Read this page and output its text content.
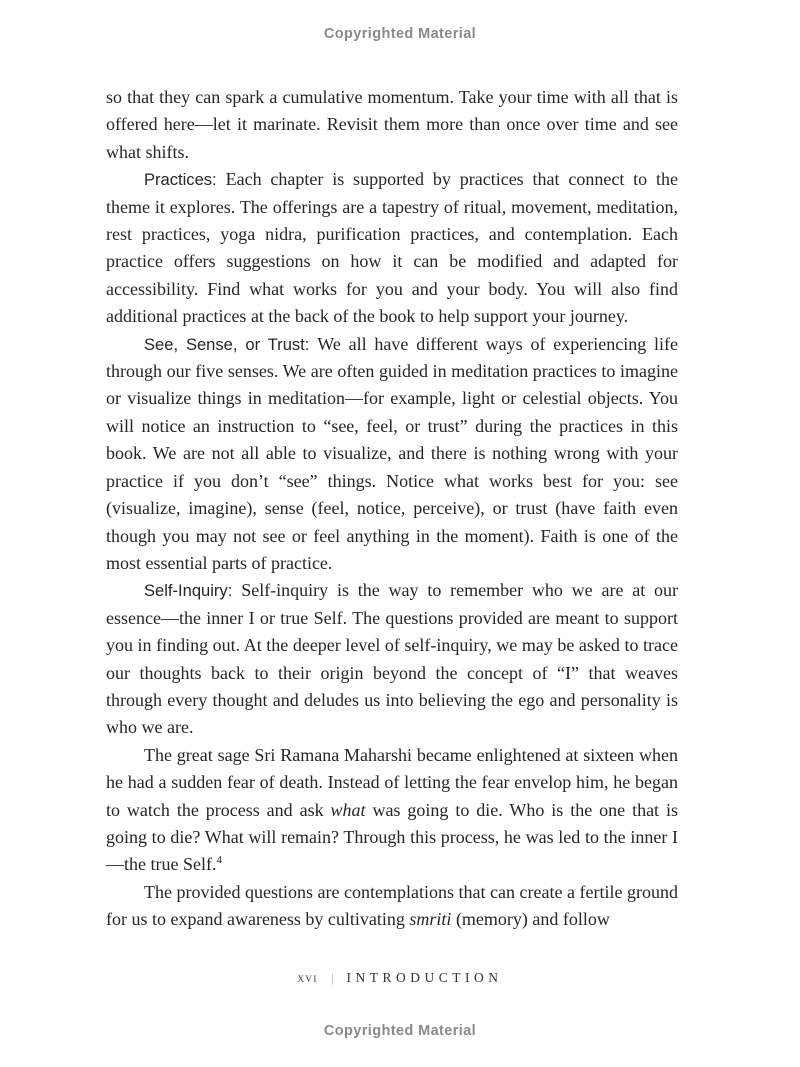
Copyrighted Material

so that they can spark a cumulative momentum. Take your time with all that is offered here—let it marinate. Revisit them more than once over time and see what shifts.

Practices: Each chapter is supported by practices that connect to the theme it explores. The offerings are a tapestry of ritual, movement, meditation, rest practices, yoga nidra, purification practices, and contemplation. Each practice offers suggestions on how it can be modified and adapted for accessibility. Find what works for you and your body. You will also find additional practices at the back of the book to help support your journey.

See, Sense, or Trust: We all have different ways of experiencing life through our five senses. We are often guided in meditation practices to imagine or visualize things in meditation—for example, light or celestial objects. You will notice an instruction to “see, feel, or trust” during the practices in this book. We are not all able to visualize, and there is nothing wrong with your practice if you don’t “see” things. Notice what works best for you: see (visualize, imagine), sense (feel, notice, perceive), or trust (have faith even though you may not see or feel anything in the moment). Faith is one of the most essential parts of practice.

Self-Inquiry: Self-inquiry is the way to remember who we are at our essence—the inner I or true Self. The questions provided are meant to support you in finding out. At the deeper level of self-inquiry, we may be asked to trace our thoughts back to their origin beyond the concept of “I” that weaves through every thought and deludes us into believing the ego and personality is who we are.

The great sage Sri Ramana Maharshi became enlightened at sixteen when he had a sudden fear of death. Instead of letting the fear envelop him, he began to watch the process and ask what was going to die. Who is the one that is going to die? What will remain? Through this process, he was led to the inner I—the true Self.$^4$

The provided questions are contemplations that can create a fertile ground for us to expand awareness by cultivating smriti (memory) and follow

xvi | INTRODUCTION
Copyrighted Material
